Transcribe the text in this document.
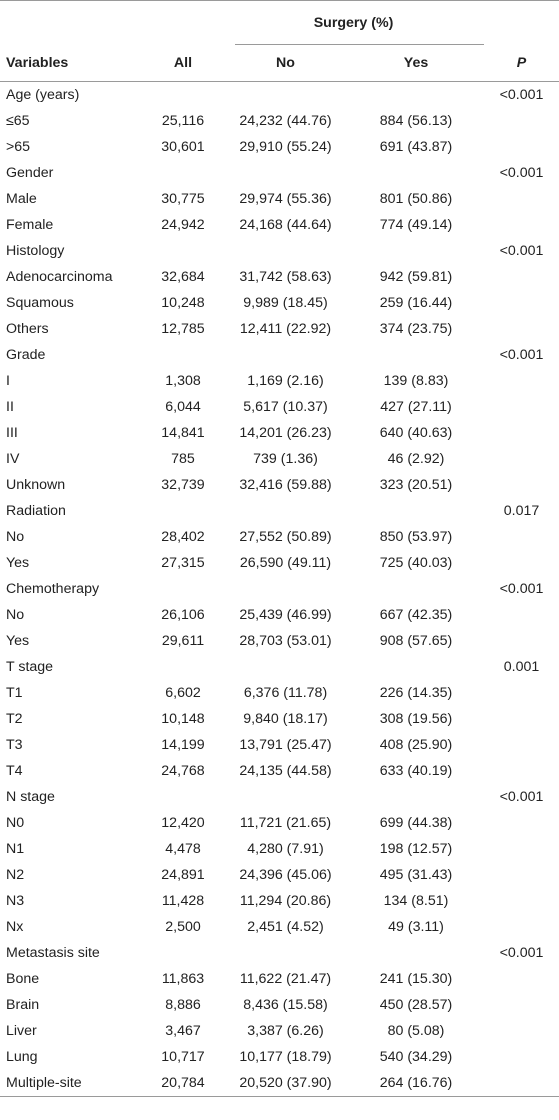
		Surgery (%)	

Variables	All	No	Yes	P
Age (years)				<0.001
≤65	25,116	24,232 (44.76)	884 (56.13)	
>65	30,601	29,910 (55.24)	691 (43.87)	
Gender				<0.001
Male	30,775	29,974 (55.36)	801 (50.86)	
Female	24,942	24,168 (44.64)	774 (49.14)	
Histology				<0.001
Adenocarcinoma	32,684	31,742 (58.63)	942 (59.81)	
Squamous	10,248	9,989 (18.45)	259 (16.44)	
Others	12,785	12,411 (22.92)	374 (23.75)	
Grade				<0.001
I	1,308	1,169 (2.16)	139 (8.83)	
II	6,044	5,617 (10.37)	427 (27.11)	
III	14,841	14,201 (26.23)	640 (40.63)	
IV	785	739 (1.36)	46 (2.92)	
Unknown	32,739	32,416 (59.88)	323 (20.51)	
Radiation				0.017
No	28,402	27,552 (50.89)	850 (53.97)	
Yes	27,315	26,590 (49.11)	725 (40.03)	
Chemotherapy				<0.001
No	26,106	25,439 (46.99)	667 (42.35)	
Yes	29,611	28,703 (53.01)	908 (57.65)	
T stage				0.001
T1	6,602	6,376 (11.78)	226 (14.35)	
T2	10,148	9,840 (18.17)	308 (19.56)	
T3	14,199	13,791 (25.47)	408 (25.90)	
T4	24,768	24,135 (44.58)	633 (40.19)	
N stage				<0.001
N0	12,420	11,721 (21.65)	699 (44.38)	
N1	4,478	4,280 (7.91)	198 (12.57)	
N2	24,891	24,396 (45.06)	495 (31.43)	
N3	11,428	11,294 (20.86)	134 (8.51)	
Nx	2,500	2,451 (4.52)	49 (3.11)	
Metastasis site				<0.001
Bone	11,863	11,622 (21.47)	241 (15.30)	
Brain	8,886	8,436 (15.58)	450 (28.57)	
Liver	3,467	3,387 (6.26)	80 (5.08)	
Lung	10,717	10,177 (18.79)	540 (34.29)	
Multiple-site	20,784	20,520 (37.90)	264 (16.76)	
